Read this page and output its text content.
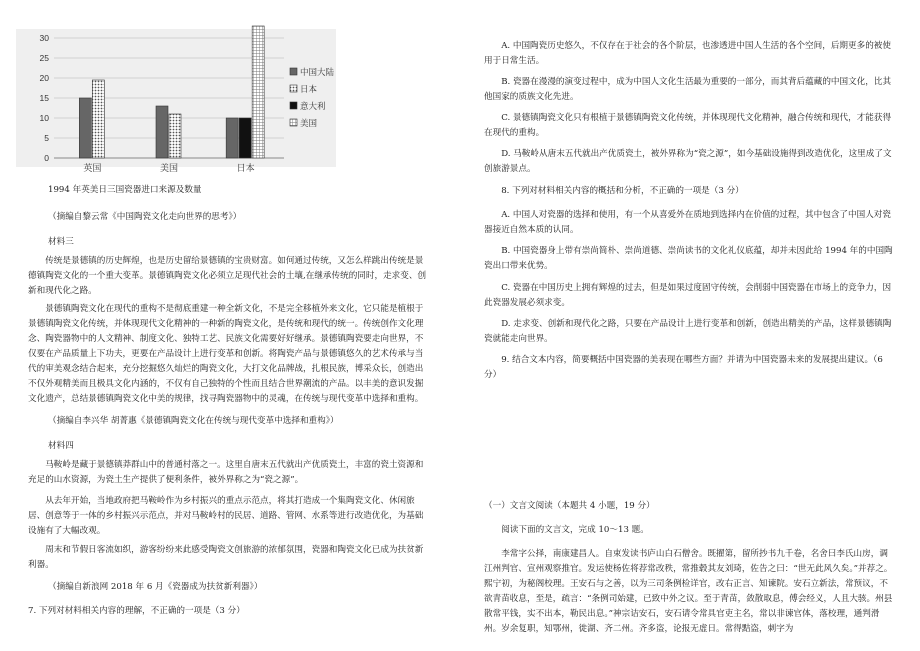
0
5
10
15
20
25
30
英国	美国	日本
中国大陆
日本
意大利
美国

1994 年英美日三国瓷器进口来源及数量

（摘编自黎云常《中国陶瓷文化走向世界的思考》）

材料三

传统是景德镇的历史辉煌，也是历史留给景德镇的宝贵财富。如何通过传统，又怎么样跳出传统是景德镇陶瓷文化的一个重大变革。景德镇陶瓷文化必须立足现代社会的土壤,在继承传统的同时，走求变、创新和现代化之路。

景德镇陶瓷文化在现代的重构不是彻底重建一种全新文化，不是完全移植外来文化，它只能是植根于景德镇陶瓷文化传统，并体现现代文化精神的一种新的陶瓷文化，是传统和现代的统一。传统创作文化理念、陶瓷器物中的人文精神、制度文化、独特工艺、民族文化需要好好继承。景德镇陶瓷要走向世界，不仅要在产品质量上下功夫，更要在产品设计上进行变革和创新。将陶瓷产品与景德镇悠久的艺术传承与当代的审美观念结合起来，充分挖掘悠久灿烂的陶瓷文化，大打文化品牌战，扎根民族，博采众长，创造出不仅外观精美而且极具文化内涵的，不仅有自己独特的个性而且结合世界潮流的产品。以丰美的意识发掘文化遗产，总结景德镇陶瓷文化中美的规律，找寻陶瓷器物中的灵魂，在传统与现代变革中选择和重构。

（摘编自李兴华 胡菁惠《景德镇陶瓷文化在传统与现代变革中选择和重构》）

材料四

马鞍岭是藏于景德镇莽群山中的普通村落之一。这里自唐末五代就出产优质瓷土，丰富的瓷土资源和充足的山水资源，为瓷土生产提供了便利条件，被外界称之为“瓷之源”。

从去年开始，当地政府把马鞍岭作为乡村振兴的重点示范点，将其打造成一个集陶瓷文化、休闲旅居、创意等于一体的乡村振兴示范点，并对马鞍岭村的民居、道路、管网、水系等进行改造优化，为基础设施有了大幅改观。

周末和节假日客流如织，游客纷纷来此感受陶瓷文创旅游的浓郁氛围，瓷器和陶瓷文化已成为扶贫新利器。

（摘编自新浪网 2018 年 6 月《瓷器成为扶贫新利器》）

7. 下列对材料相关内容的理解，不正确的一项是（3 分）

A. 中国陶瓷历史悠久，不仅存在于社会的各个阶层，也渗透进中国人生活的各个空间，后期更多的被使用于日常生活。

B. 瓷器在漫漫的演变过程中，成为中国人文化生活最为重要的一部分，而其背后蕴藏的中国文化，比其他国家的质族文化先进。

C. 景德镇陶瓷文化只有根植于景德镇陶瓷文化传统，并体现现代文化精神，融合传统和现代，才能获得在现代的重构。

D. 马鞍岭从唐末五代就出产优质瓷土，被外界称为“瓷之源”，如今基础设施得到改造优化，这里成了文创旅游景点。

8. 下列对材料相关内容的概括和分析，不正确的一项是（3 分）

A. 中国人对瓷器的选择和使用，有一个从喜爱外在质地到选择内在价值的过程，其中包含了中国人对瓷器接近自然本质的认同。

B. 中国瓷器身上带有崇尚简朴、崇尚道德、崇尚读书的文化礼仪底蕴，却并未因此给 1994 年的中国陶瓷出口带来优势。

C. 瓷器在中国历史上拥有辉煌的过去，但是如果过度固守传统，会削弱中国瓷器在市场上的竞争力，因此瓷器发展必须求变。

D. 走求变、创新和现代化之路，只要在产品设计上进行变革和创新，创造出精美的产品，这样景德镇陶瓷就能走向世界。

9. 结合文本内容，简要概括中国瓷器的美表现在哪些方面？并请为中国瓷器未来的发展提出建议。（6 分）

（一）文言文阅读（本题共 4 小题，19 分）

阅读下面的文言文，完成 10～13 题。

李常字公择，南康建昌人。自束发读书庐山白石僧舍。既擢第，留所抄书九千卷，名舍曰李氏山房，调江州判官、宣州观察推官。发运使杨佐将荐常改秩，常推毂其友刘琦，佐告之曰：“世无此风久矣。”并荐之。熙宁初，为秘阁校理。王安石与之善，以为三司条例检详官，改右正言、知谏院。安石立新法，常预议，不欲青苗收息，至是，疏言：“条例司始建，已致中外之议。至于青苗，敛散取息，傅会经义，人且大骇。州县散常平钱，实不出本，勒民出息。”神宗诘安石，安石请令常具官吏主名，常以非谏官体，落校理，通判滑州。岁余复职，知鄂州，徙湖、齐二州。齐多盗，论报无虚日。常得黠盗，刺字为
